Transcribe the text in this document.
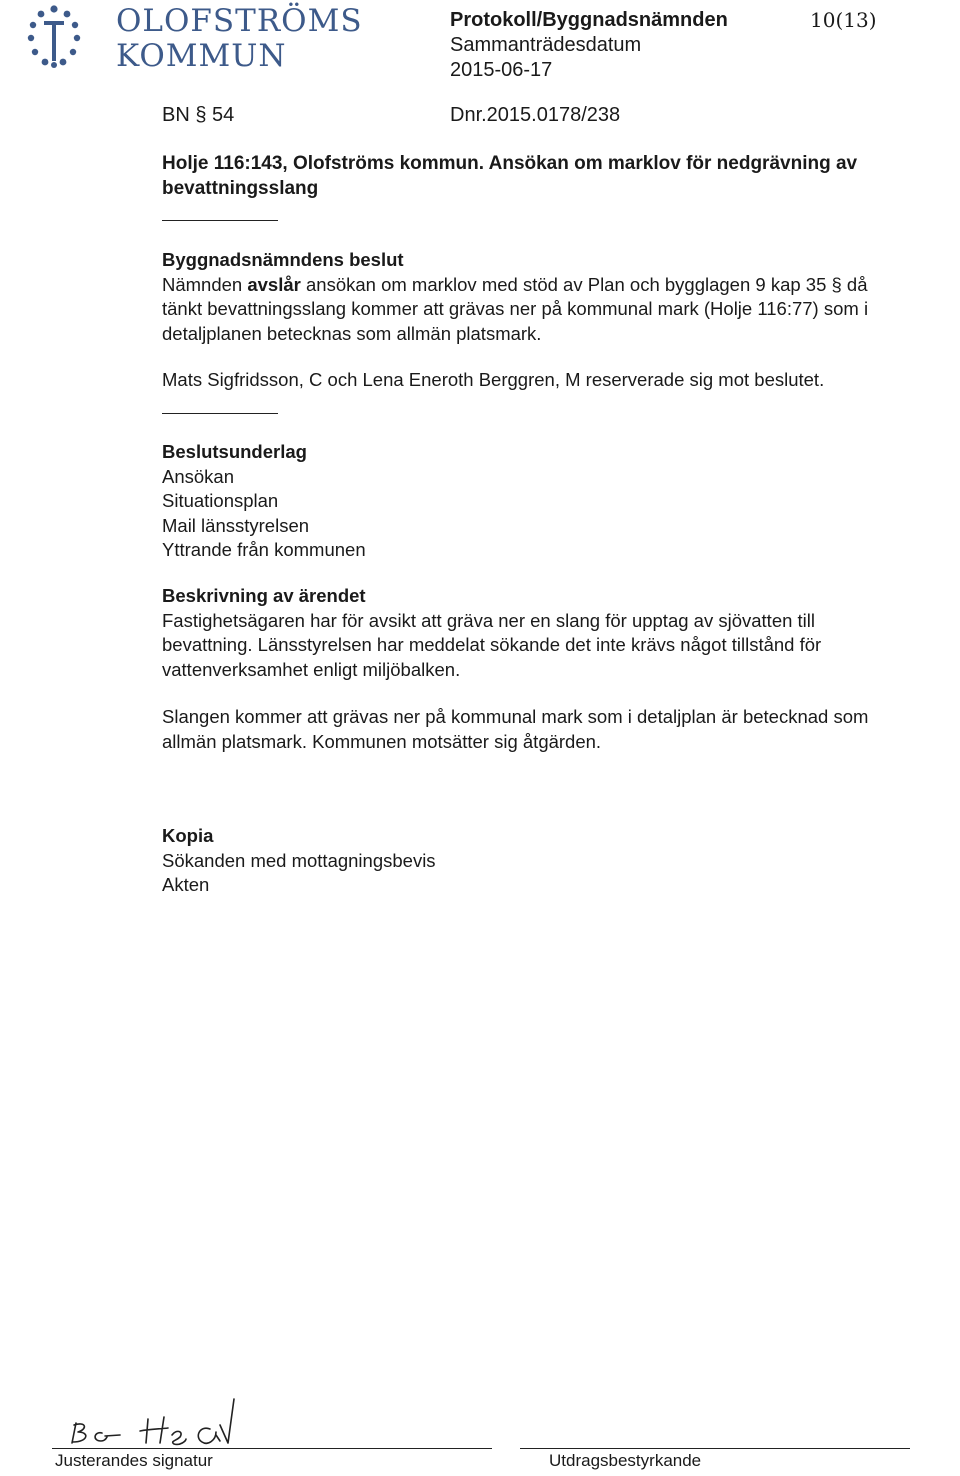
OLOFSTRÖMS
KOMMUN
Protokoll/Byggnadsnämnden	10(13)
Sammanträdesdatum
2015-06-17
BN § 54	Dnr.2015.0178/238
Holje 116:143, Olofströms kommun. Ansökan om marklov för nedgrävning av
bevattningsslang
Byggnadsnämndens beslut
Nämnden avslår ansökan om marklov med stöd av Plan och bygglagen 9 kap 35 § då
tänkt bevattningsslang kommer att grävas ner på kommunal mark (Holje 116:77) som i
detaljplanen betecknas som allmän platsmark.
Mats Sigfridsson, C och Lena Eneroth Berggren, M reserverade sig mot beslutet.
Beslutsunderlag
Ansökan
Situationsplan
Mail länsstyrelsen
Yttrande från kommunen
Beskrivning av ärendet
Fastighetsägaren har för avsikt att gräva ner en slang för upptag av sjövatten till
bevattning. Länsstyrelsen har meddelat sökande det inte krävs något tillstånd för
vattenverksamhet enligt miljöbalken.
Slangen kommer att grävas ner på kommunal mark som i detaljplan är betecknad som
allmän platsmark. Kommunen motsätter sig åtgärden.
Kopia
Sökanden med mottagningsbevis
Akten
Justerandes signatur	Utdragsbestyrkande
